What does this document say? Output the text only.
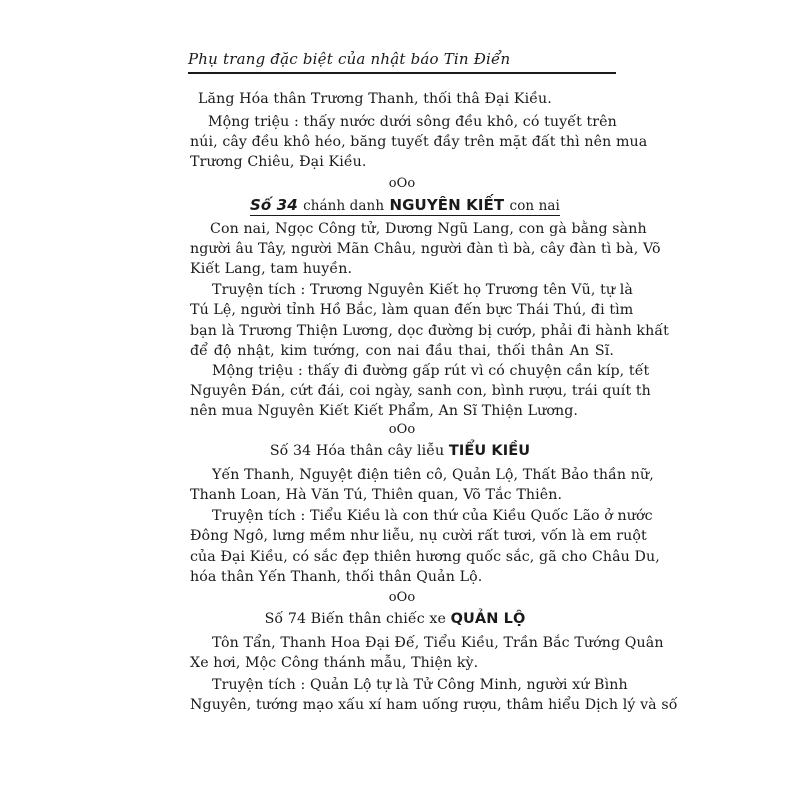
Phụ trang đặc biệt của nhật báo Tin Điển
Lăng Hóa thân Trương Thanh, thối thâ Đại Kiều.
Mộng triệu : thấy nước dưới sông đều khô, có tuyết trên
núi, cây đều khô héo, băng tuyết đầy trên mặt đất thì nên mua
Trương Chiêu, Đại Kiều.
oOo
Số 34 chánh danh NGUYÊN KIẾT con nai
Con nai, Ngọc Công tử, Dương Ngũ Lang, con gà bằng sành
người âu Tây, người Mãn Châu, người đàn tì bà, cây đàn tì bà, Võ
Kiết Lang, tam huyền.
Truyện tích : Trương Nguyên Kiết họ Trương tên Vũ, tự là
Tú Lệ, người tỉnh Hồ Bắc, làm quan đến bực Thái Thú, đi tìm
bạn là Trương Thiện Lương, dọc đường bị cướp, phải đi hành khất
để độ nhật, kim tướng, con nai đầu thai, thối thân An Sĩ.
Mộng triệu : thấy đi đường gấp rút vì có chuyện cần kíp, tết
Nguyên Đán, cứt đái, coi ngày, sanh con, bình rượu, trái quít th
nên mua Nguyên Kiết Kiết Phẩm, An Sĩ Thiện Lương.
oOo
Số 34 Hóa thân cây liễu TIỂU KIỀU
Yến Thanh, Nguyệt điện tiên cô, Quản Lộ, Thất Bảo thần nữ,
Thanh Loan, Hà Văn Tú, Thiên quan, Võ Tắc Thiên.
Truyện tích : Tiểu Kiều là con thứ của Kiều Quốc Lão ở nước
Đông Ngô, lưng mềm như liễu, nụ cười rất tươi, vốn là em ruột
của Đại Kiều, có sắc đẹp thiên hương quốc sắc, gã cho Châu Du,
hóa thân Yến Thanh, thối thân Quản Lộ.
oOo
Số 74 Biến thân chiếc xe QUẢN LỘ
Tôn Tẩn, Thanh Hoa Đại Đế, Tiểu Kiều, Trần Bắc Tướng Quân
Xe hơi, Mộc Công thánh mẫu, Thiện kỳ.
Truyện tích : Quản Lộ tự là Tử Công Minh, người xứ Bình
Nguyên, tướng mạo xấu xí ham uống rượu, thâm hiểu Dịch lý và số
